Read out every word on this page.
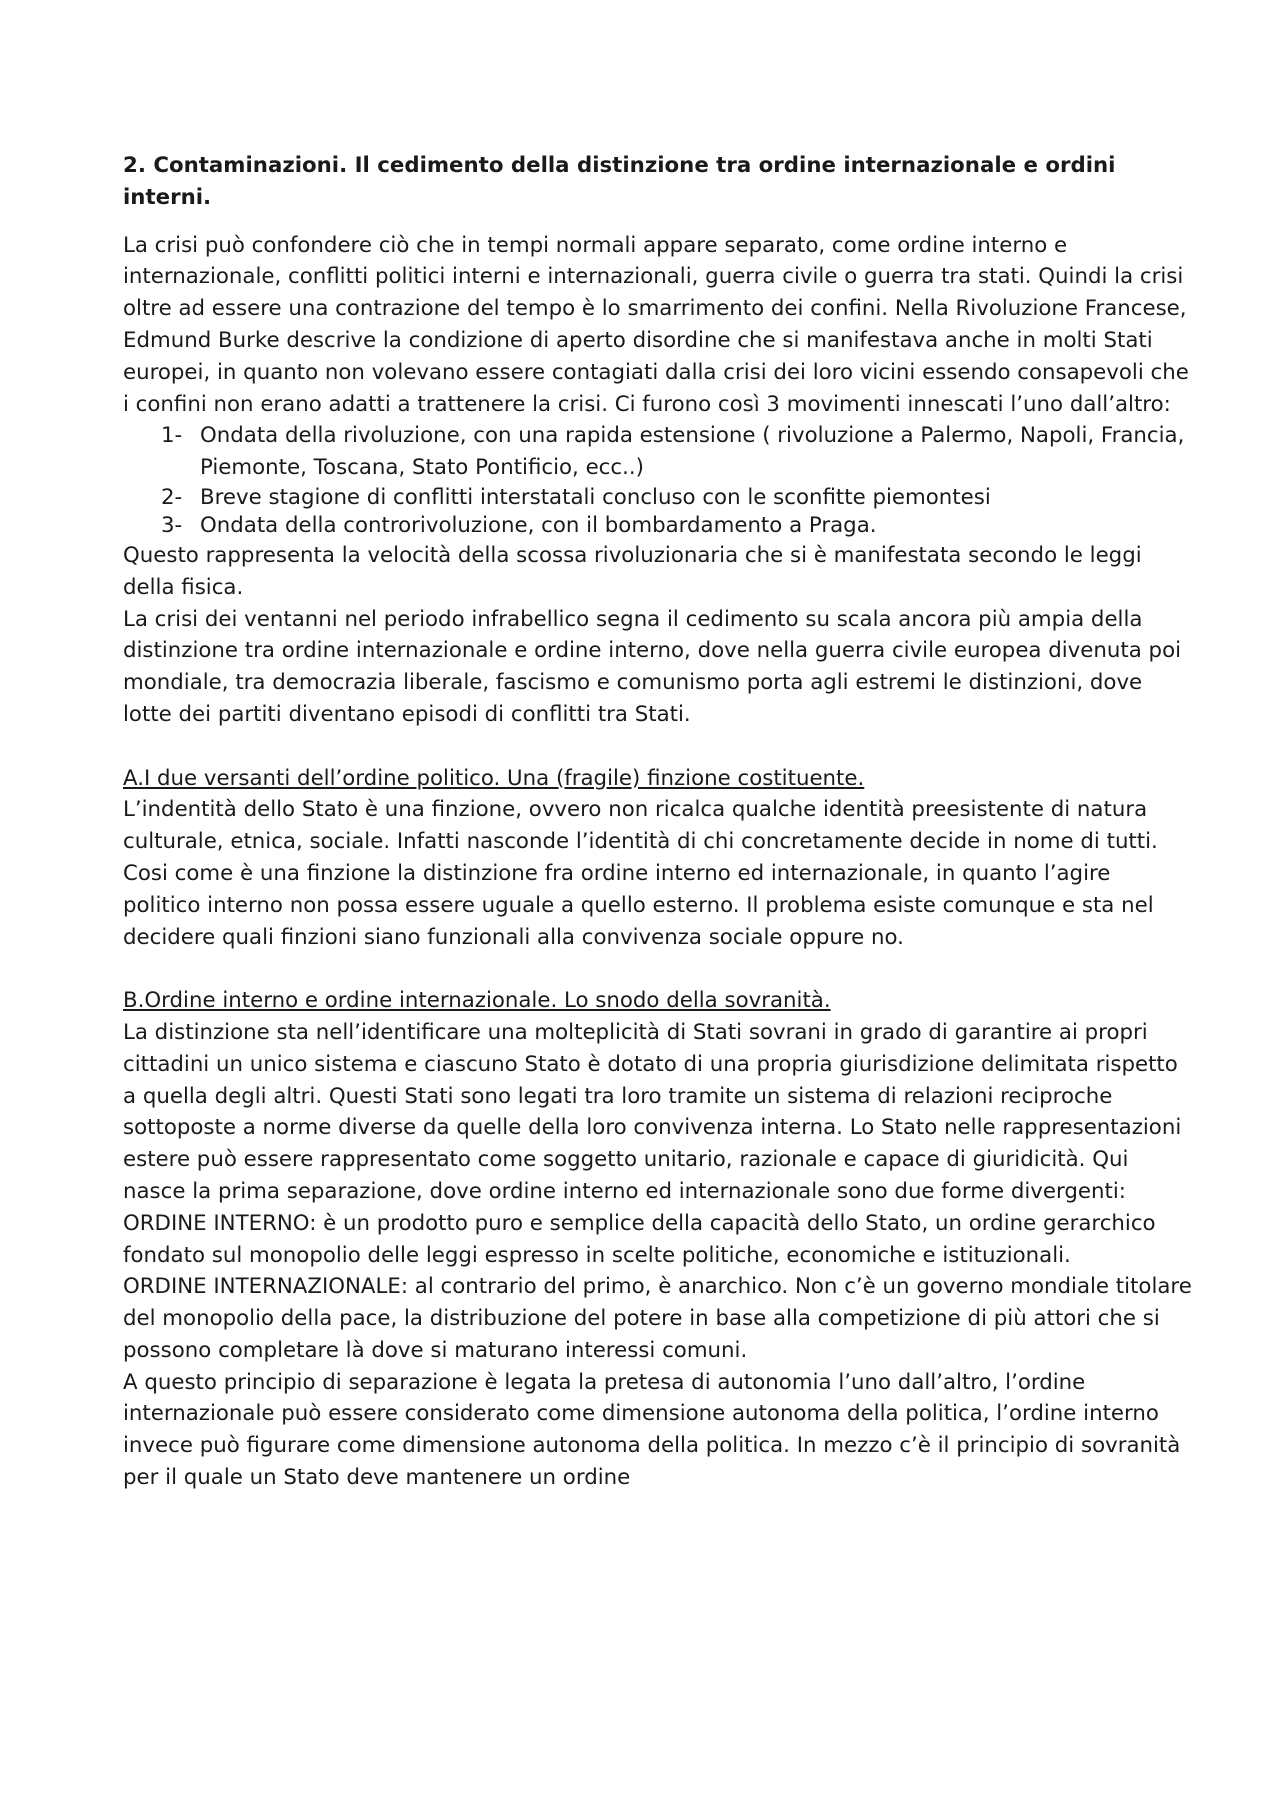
2. Contaminazioni. Il cedimento della distinzione tra ordine internazionale e ordini interni.

La crisi può confondere ciò che in tempi normali appare separato, come ordine interno e internazionale, conflitti politici interni e internazionali, guerra civile o guerra tra stati. Quindi la crisi oltre ad essere una contrazione del tempo è lo smarrimento dei confini. Nella Rivoluzione Francese, Edmund Burke descrive la condizione di aperto disordine che si manifestava anche in molti Stati europei, in quanto non volevano essere contagiati dalla crisi dei loro vicini essendo consapevoli che i confini non erano adatti a trattenere la crisi. Ci furono così 3 movimenti innescati l’uno dall’altro:

1- Ondata della rivoluzione, con una rapida estensione ( rivoluzione a Palermo, Napoli, Francia, Piemonte, Toscana, Stato Pontificio, ecc..)
2- Breve stagione di conflitti interstatali concluso con le sconfitte piemontesi
3- Ondata della controrivoluzione, con il bombardamento a Praga.

Questo rappresenta la velocità della scossa rivoluzionaria che si è manifestata secondo le leggi della fisica.

La crisi dei ventanni nel periodo infrabellico segna il cedimento su scala ancora più ampia della distinzione tra ordine internazionale e ordine interno, dove nella guerra civile europea divenuta poi mondiale, tra democrazia liberale, fascismo e comunismo porta agli estremi le distinzioni, dove lotte dei partiti diventano episodi di conflitti tra Stati.

A.I due versanti dell’ordine politico. Una (fragile) finzione costituente.

L’indentità dello Stato è una finzione, ovvero non ricalca qualche identità preesistente di natura culturale, etnica, sociale. Infatti nasconde l’identità di chi concretamente decide in nome di tutti. Cosi come è una finzione la distinzione fra ordine interno ed internazionale, in quanto l’agire politico interno non possa essere uguale a quello esterno. Il problema esiste comunque e sta nel decidere quali finzioni siano funzionali alla convivenza sociale oppure no.

B.Ordine interno e ordine internazionale. Lo snodo della sovranità.

La distinzione sta nell’identificare una molteplicità di Stati sovrani in grado di garantire ai propri cittadini un unico sistema e ciascuno Stato è dotato di una propria giurisdizione delimitata rispetto a quella degli altri. Questi Stati sono legati tra loro tramite un sistema di relazioni reciproche sottoposte a norme diverse da quelle della loro convivenza interna. Lo Stato nelle rappresentazioni estere può essere rappresentato come soggetto unitario, razionale e capace di giuridicità. Qui nasce la prima separazione, dove ordine interno ed internazionale sono due forme divergenti:

ORDINE INTERNO: è un prodotto puro e semplice della capacità dello Stato, un ordine gerarchico fondato sul monopolio delle leggi espresso in scelte politiche, economiche e istituzionali.

ORDINE INTERNAZIONALE: al contrario del primo, è anarchico. Non c’è un governo mondiale titolare del monopolio della pace, la distribuzione del potere in base alla competizione di più attori che si possono completare là dove si maturano interessi comuni.

A questo principio di separazione è legata la pretesa di autonomia l’uno dall’altro, l’ordine internazionale può essere considerato come dimensione autonoma della politica, l’ordine interno invece può figurare come dimensione autonoma della politica. In mezzo c’è il principio di sovranità per il quale un Stato deve mantenere un ordine
